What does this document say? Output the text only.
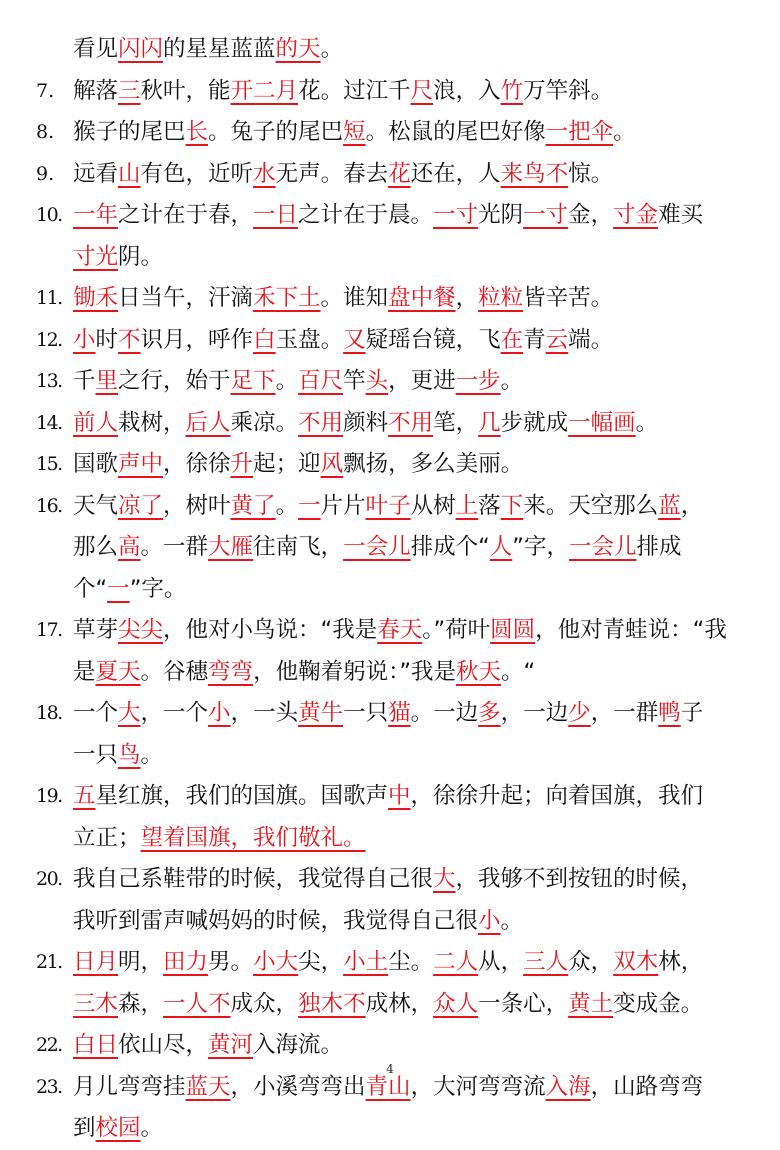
看见闪闪的星星蓝蓝的天。
7. 解落三秋叶，能开二月花。过江千尺浪，入竹万竿斜。
8. 猴子的尾巴长。兔子的尾巴短。松鼠的尾巴好像一把伞。
9. 远看山有色，近听水无声。春去花还在，人来鸟不惊。
10. 一年之计在于春，一日之计在于晨。一寸光阴一寸金，寸金难买
寸光阴。
11. 锄禾日当午，汗滴禾下土。谁知盘中餐，粒粒皆辛苦。
12. 小时不识月，呼作白玉盘。又疑瑶台镜，飞在青云端。
13. 千里之行，始于足下。百尺竿头，更进一步。
14. 前人栽树，后人乘凉。不用颜料不用笔，几步就成一幅画。
15. 国歌声中，徐徐升起；迎风飘扬，多么美丽。
16. 天气凉了，树叶黄了。一片片叶子从树上落下来。天空那么蓝，
那么高。一群大雁往南飞，一会儿排成个“人”字，一会儿排成
个“一”字。
17. 草芽尖尖，他对小鸟说：“我是春天。”荷叶圆圆，他对青蛙说：“我
是夏天。谷穗弯弯，他鞠着躬说：”我是秋天。“
18. 一个大，一个小，一头黄牛一只猫。一边多，一边少，一群鸭子
一只鸟。
19. 五星红旗，我们的国旗。国歌声中，徐徐升起；向着国旗，我们
立正；望着国旗，我们敬礼。
20. 我自己系鞋带的时候，我觉得自己很大，我够不到按钮的时候，
我听到雷声喊妈妈的时候，我觉得自己很小。
21. 日月明，田力男。小大尖，小土尘。二人从，三人众，双木林，
三木森，一人不成众，独木不成林，众人一条心，黄土变成金。
22. 白日依山尽，黄河入海流。
23. 月儿弯弯挂蓝天，小溪弯弯出青山，大河弯弯流入海，山路弯弯
到校园。
4
